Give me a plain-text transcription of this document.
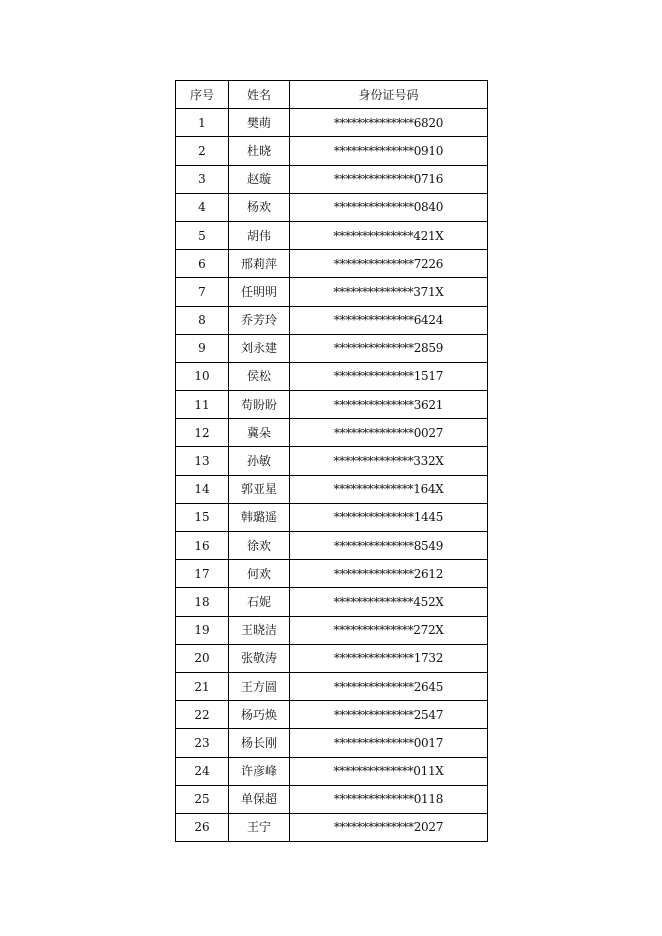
序号	姓名	身份证号码
1	樊萌	**************6820
2	杜晓	**************0910
3	赵璇	**************0716
4	杨欢	**************0840
5	胡伟	**************421X
6	邢莉萍	**************7226
7	任明明	**************371X
8	乔芳玲	**************6424
9	刘永建	**************2859
10	侯松	**************1517
11	苟盼盼	**************3621
12	冀朵	**************0027
13	孙敏	**************332X
14	郭亚星	**************164X
15	韩璐遥	**************1445
16	徐欢	**************8549
17	何欢	**************2612
18	石妮	**************452X
19	王晓洁	**************272X
20	张敬涛	**************1732
21	王方圆	**************2645
22	杨巧焕	**************2547
23	杨长刚	**************0017
24	许彦峰	**************011X
25	单保超	**************0118
26	王宁	**************2027
